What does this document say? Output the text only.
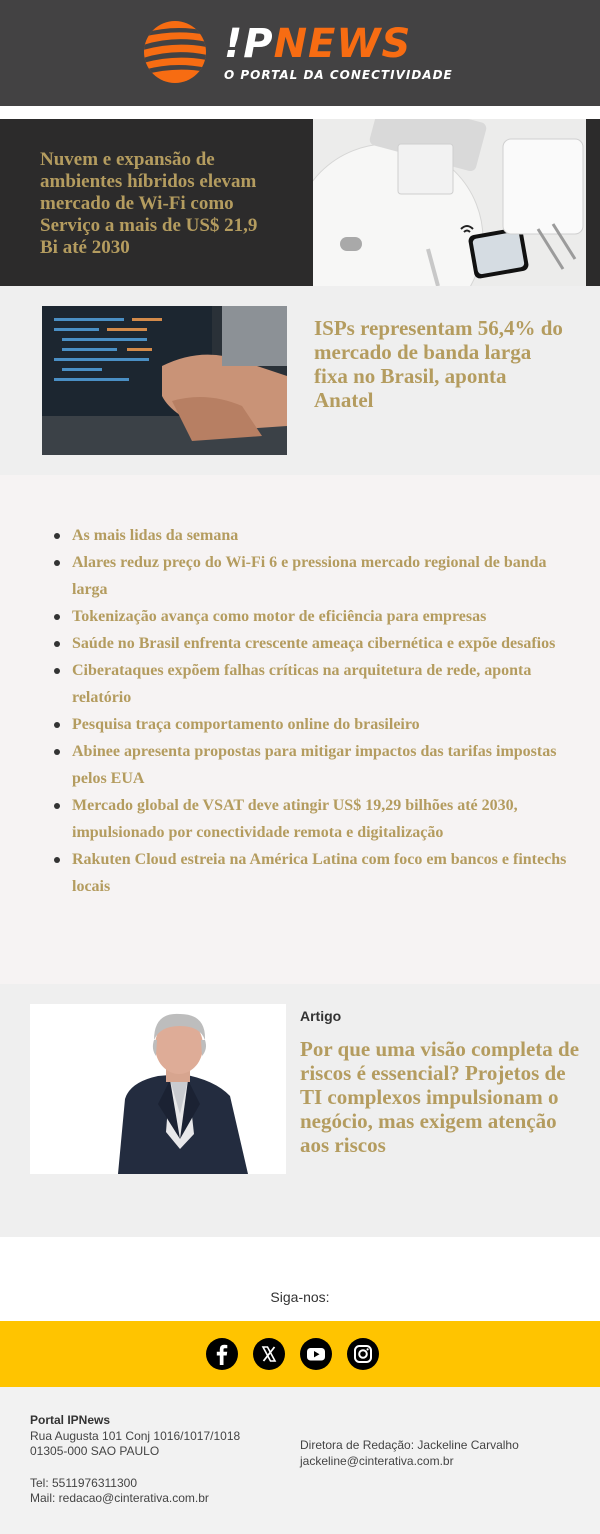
!PNEWS
O PORTAL DA CONECTIVIDADE
Nuvem e expansão de ambientes híbridos elevam mercado de Wi-Fi como Serviço a mais de US$ 21,9 Bi até 2030
ISPs representam 56,4% do mercado de banda larga fixa no Brasil, aponta Anatel
As mais lidas da semana
Alares reduz preço do Wi-Fi 6 e pressiona mercado regional de banda larga
Tokenização avança como motor de eficiência para empresas
Saúde no Brasil enfrenta crescente ameaça cibernética e expõe desafios
Ciberataques expõem falhas críticas na arquitetura de rede, aponta relatório
Pesquisa traça comportamento online do brasileiro
Abinee apresenta propostas para mitigar impactos das tarifas impostas pelos EUA
Mercado global de VSAT deve atingir US$ 19,29 bilhões até 2030, impulsionado por conectividade remota e digitalização
Rakuten Cloud estreia na América Latina com foco em bancos e fintechs locais
Artigo
Por que uma visão completa de riscos é essencial? Projetos de TI complexos impulsionam o negócio, mas exigem atenção aos riscos
Siga-nos:
Portal IPNews
Rua Augusta 101 Conj 1016/1017/1018
01305-000 SAO PAULO
Tel: 5511976311300
Mail: redacao@cinterativa.com.br
Diretora de Redação: Jackeline Carvalho
jackeline@cinterativa.com.br
